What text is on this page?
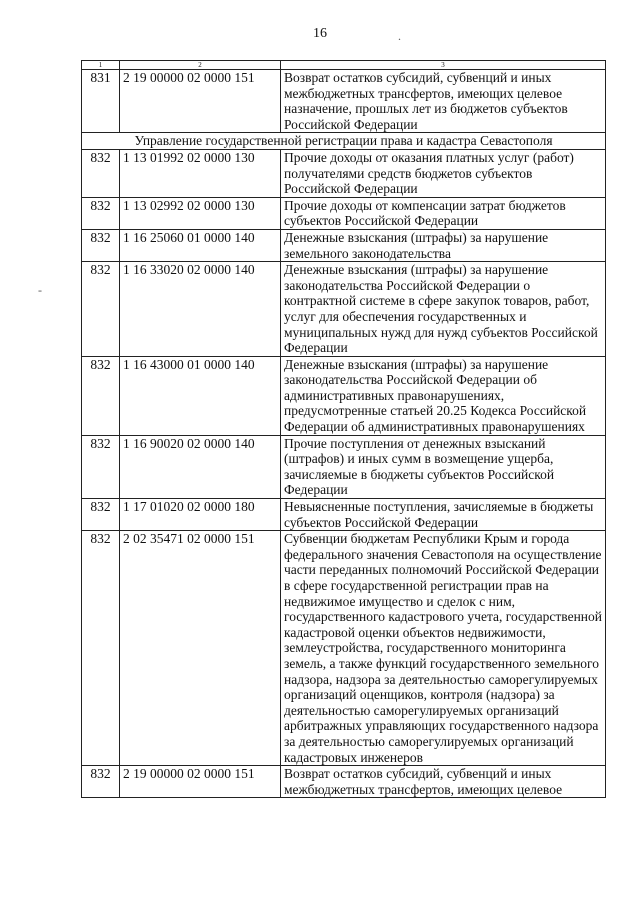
16
1	2	3
831	2 19 00000 02 0000 151	Возврат остатков субсидий, субвенций и иных межбюджетных трансфертов, имеющих целевое назначение, прошлых лет из бюджетов субъектов Российской Федерации
Управление государственной регистрации права и кадастра Севастополя		
832	1 13 01992 02 0000 130	Прочие доходы от оказания платных услуг (работ) получателями средств бюджетов субъектов Российской Федерации
832	1 13 02992 02 0000 130	Прочие доходы от компенсации затрат бюджетов субъектов Российской Федерации
832	1 16 25060 01 0000 140	Денежные взыскания (штрафы) за нарушение земельного законодательства
832	1 16 33020 02 0000 140	Денежные взыскания (штрафы) за нарушение законодательства Российской Федерации о контрактной системе в сфере закупок товаров, работ, услуг для обеспечения государственных и муниципальных нужд для нужд субъектов Российской Федерации
832	1 16 43000 01 0000 140	Денежные взыскания (штрафы) за нарушение законодательства Российской Федерации об административных правонарушениях, предусмотренные статьей 20.25 Кодекса Российской Федерации об административных правонарушениях
832	1 16 90020 02 0000 140	Прочие поступления от денежных взысканий (штрафов) и иных сумм в возмещение ущерба, зачисляемые в бюджеты субъектов Российской Федерации
832	1 17 01020 02 0000 180	Невыясненные поступления, зачисляемые в бюджеты субъектов Российской Федерации
832	2 02 35471 02 0000 151	Субвенции бюджетам Республики Крым и города федерального значения Севастополя на осуществление части переданных полномочий Российской Федерации в сфере государственной регистрации прав на недвижимое имущество и сделок с ним, государственного кадастрового учета, государственной кадастровой оценки объектов недвижимости, землеустройства, государственного мониторинга земель, а также функций государственного земельного надзора, надзора за деятельностью саморегулируемых организаций оценщиков, контроля (надзора) за деятельностью саморегулируемых организаций арбитражных управляющих государственного надзора за деятельностью саморегулируемых организаций кадастровых инженеров
832	2 19 00000 02 0000 151	Возврат остатков субсидий, субвенций и иных межбюджетных трансфертов, имеющих целевое
-
.
